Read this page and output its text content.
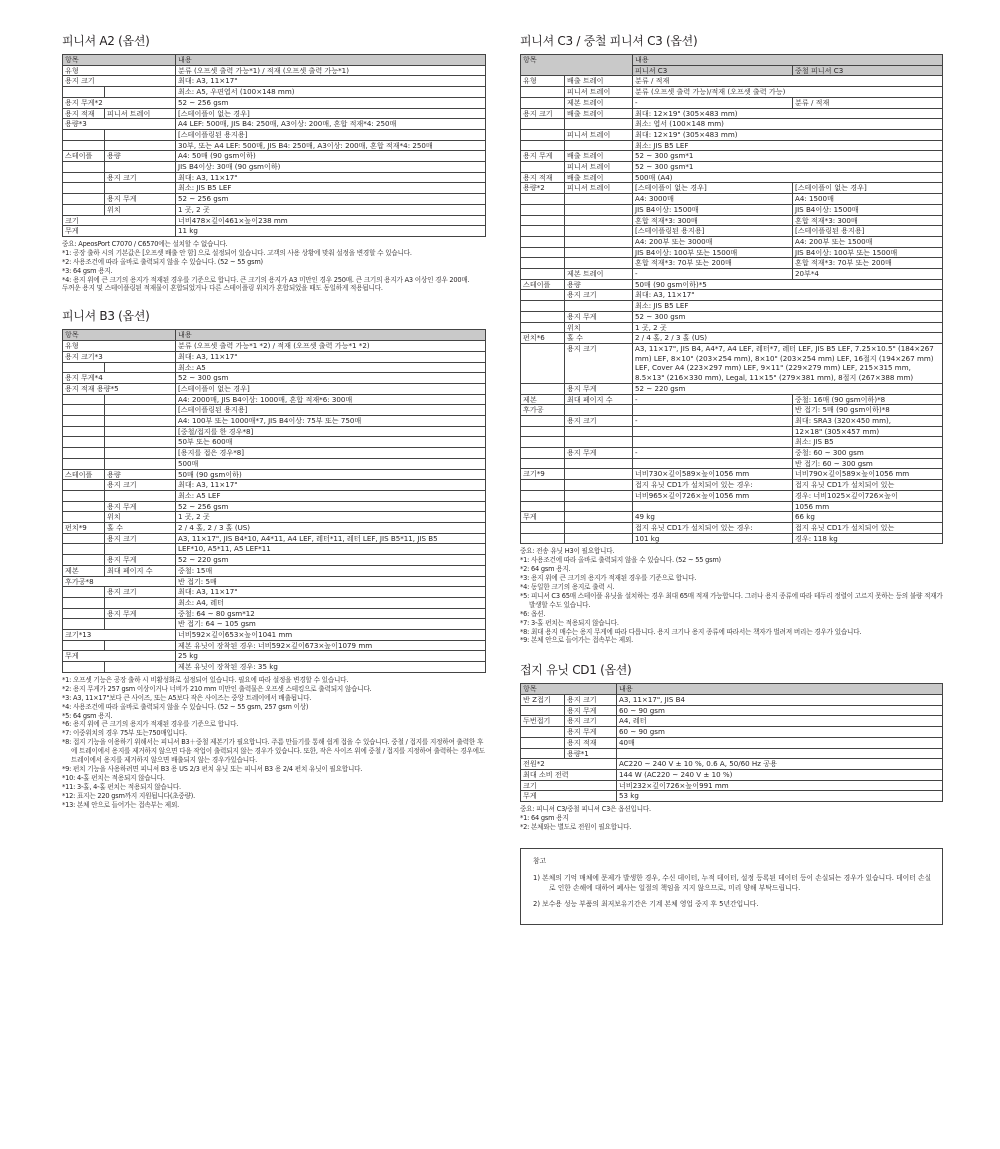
피니셔 A2 (옵션)
항목		내용
유형		분류 (오프셋 출력 가능*1) / 적재 (오프셋 출력 가능*1)
용지 크기		최대: A3, 11×17"
		최소: A5, 우편엽서 (100×148 mm)
용지 무게*2		52 ~ 256 gsm
용지 적재	피니셔 트레이	[스테이플이 없는 경우]
용량*3		A4 LEF: 500매, JIS B4: 250매, A3이상: 200매, 혼합 적재*4: 250매
		[스테이플링된 용지용]
		30부, 또는 A4 LEF: 500매, JIS B4: 250매, A3이상: 200매, 혼합 적재*4: 250매
스테이플	용량	A4: 50매 (90 gsm이하)
		JIS B4이상: 30매 (90 gsm이하)
	용지 크기	최대: A3, 11×17"
		최소: JIS B5 LEF
	용지 무게	52 ~ 256 gsm
	위치	1 곳, 2 곳
크기		너비478×깊이461×높이238 mm
무게		11 kg
중요: ApeosPort C7070 / C6570에는 설치할 수 없습니다.
*1: 공장 출하 시의 기본값은 [오프셋 배출 안 함] 으로 설정되어 있습니다. 고객의 사용 상황에 맞춰 설정을 변경할 수 있습니다.
*2: 사용조건에 따라 올바로 출력되지 않을 수 있습니다. (52 ~ 55 gsm)
*3: 64 gsm 용지.
*4: 용지 위에 큰 크기의 용지가 적재된 경우를 기준으로 합니다. 큰 크기의 용지가 A3 미만인 경우 250매. 큰 크기의 용지가 A3 이상인 경우 200매.
두꺼운 용지 및 스테이플링된 적재물이 혼합되었거나 다른 스테이플링 위치가 혼합되었을 때도 동일하게 적용됩니다.
피니셔 B3 (옵션)
항목		내용
유형		분류 (오프셋 출력 가능*1 *2) / 적재 (오프셋 출력 가능*1 *2)
용지 크기*3		최대: A3, 11×17"
		최소: A5
용지 무게*4		52 ~ 300 gsm
용지 적재 용량*5		[스테이플이 없는 경우]
		A4: 2000매, JIS B4이상: 1000매, 혼합 적재*6: 300매
		[스테이플링된 용지용]
		A4: 100부 또는 1000매*7, JIS B4이상: 75부 또는 750매
		[중철/접지를 한 경우*8]
		50부 또는 600매
		[용지를 접은 경우*8]
		500매
스테이플	용량	50매 (90 gsm이하)
	용지 크기	최대: A3, 11×17"
		최소: A5 LEF
	용지 무게	52 ~ 256 gsm
	위치	1 곳, 2 곳
펀치*9	홀 수	2 / 4 홀, 2 / 3 홀 (US)
	용지 크기	A3, 11×17", JIS B4*10, A4*11, A4 LEF, 레터*11, 레터 LEF, JIS B5*11, JIS B5
		LEF*10, A5*11, A5 LEF*11
	용지 무게	52 ~ 220 gsm
제본	최대 페이지 수	중철: 15매
후가공*8		반 접기: 5매
	용지 크기	최대: A3, 11×17"
		최소: A4, 레터
	용지 무게	중철: 64 ~ 80 gsm*12
		반 접기: 64 ~ 105 gsm
크기*13		너비592×깊이653×높이1041 mm
		제본 유닛이 장착된 경우: 너비592×깊이673×높이1079 mm
무게		25 kg
		제본 유닛이 장착된 경우: 35 kg
*1: 오프셋 기능은 공장 출하 시 비활성화로 설정되어 있습니다. 필요에 따라 설정을 변경할 수 있습니다.
*2: 용지 무게가 257 gsm 이상이거나 너비가 210 mm 미만인 출력물은 오프셋 스테킹으로 출력되지 않습니다.
*3: A3, 11×17"보다 큰 사이즈, 또는 A5보다 작은 사이즈는 중앙 트레이에서 배출됩니다.
*4: 사용조건에 따라 올바로 출력되지 않을 수 있습니다. (52 ~ 55 gsm, 257 gsm 이상)
*5: 64 gsm 용지.
*6: 용지 위에 큰 크기의 용지가 적재된 경우를 기준으로 합니다.
*7: 이중위치의 경우 75부 또는750매입니다.
*8: 접지 기능을 이용하기 위해서는 피니셔 B3＋중철 제본기가 필요합니다. 주름 만들기를 통해 쉽게 접을 수 있습니다. 중철 / 접지를 지정하여 출력한 후에 트레이에서 용지를 제거하지 않으면 다음 작업이 출력되지 않는 경우가 있습니다. 또한, 작은 사이즈 위에 중철 / 접지를 지정하여 출력하는 경우에도 트레이에서 용지를 제거하지 않으면 배출되지 않는 경우가있습니다.
*9: 펀치 기능을 사용하려면 피니셔 B3 용 US 2/3 펀치 유닛 또는 피니셔 B3 용 2/4 펀치 유닛이 필요합니다.
*10: 4-홀 펀치는 적용되지 않습니다.
*11: 3-홀, 4-홀 펀치는 적용되지 않습니다.
*12: 표지는 220 gsm까지 지원됩니다(초중량).
*13: 본체 안으로 들어가는 접속부는 제외.
피니셔 C3 / 중철 피니셔 C3 (옵션)
항목		내용	
		피니셔 C3	중철 피니셔 C3
유형	배출 트레이	분류 / 적재	
	피니셔 트레이	분류 (오프셋 출력 가능)/적재 (오프셋 출력 가능)	
	제본 트레이	-	분류 / 적재
용지 크기	배출 트레이	최대: 12×19" (305×483 mm)	
		최소: 엽서 (100×148 mm)	
	피니셔 트레이	최대: 12×19" (305×483 mm)	
		최소: JIS B5 LEF	
용지 무게	배출 트레이	52 ~ 300 gsm*1	
	피니셔 트레이	52 ~ 300 gsm*1	
용지 적재	배출 트레이	500매 (A4)	
용량*2	피니셔 트레이	[스테이플이 없는 경우]	[스테이플이 없는 경우]
		A4: 3000매	A4: 1500매
		JIS B4이상: 1500매	JIS B4이상: 1500매
		혼합 적재*3: 300매	혼합 적재*3: 300매
		[스테이플링된 용지용]	[스테이플링된 용지용]
		A4: 200부 또는 3000매	A4: 200부 또는 1500매
		JIS B4이상: 100부 또는 1500매	JIS B4이상: 100부 또는 1500매
		혼합 적재*3: 70부 또는 200매	혼합 적재*3: 70부 또는 200매
	제본 트레이	-	20부*4
스테이플	용량	50매 (90 gsm이하)*5	
	용지 크기	최대: A3, 11×17"	
		최소: JIS B5 LEF	
	용지 무게	52 ~ 300 gsm	
	위치	1 곳, 2 곳	
펀치*6	홀 수	2 / 4 홀, 2 / 3 홀 (US)	
	용지 크기	A3, 11×17", JIS B4, A4*7, A4 LEF, 레터*7, 레터 LEF, JIS B5 LEF, 7.25×10.5" (184×267 mm) LEF, 8×10" (203×254 mm), 8×10" (203×254 mm) LEF, 16절지 (194×267 mm) LEF, Cover A4 (223×297 mm) LEF, 9×11" (229×279 mm) LEF, 215×315 mm, 8.5×13" (216×330 mm), Legal, 11×15" (279×381 mm), 8절지 (267×388 mm)	
	용지 무게	52 ~ 220 gsm	
제본	최대 페이지 수	-	중철: 16매 (90 gsm이하)*8
후가공			반 접기: 5매 (90 gsm이하)*8
	용지 크기	-	최대: SRA3 (320×450 mm),
			12×18" (305×457 mm)
			최소: JIS B5
	용지 무게	-	중철: 60 ~ 300 gsm
			반 접기: 60 ~ 300 gsm
크기*9		너비730×깊이589×높이1056 mm	너비790×깊이589×높이1056 mm
		접지 유닛 CD1가 설치되어 있는 경우:	접지 유닛 CD1가 설치되어 있는
		너비965×깊이726×높이1056 mm	경우: 너비1025×깊이726×높이
			1056 mm
무게		49 kg	66 kg
		접지 유닛 CD1가 설치되어 있는 경우:	접지 유닛 CD1가 설치되어 있는
		101 kg	경우: 118 kg
중요: 전송 유닛 H3이 필요합니다.
*1: 사용조건에 따라 올바로 출력되지 않을 수 있습니다. (52 ~ 55 gsm)
*2: 64 gsm 용지.
*3: 용지 위에 큰 크기의 용지가 적재된 경우를 기준으로 합니다.
*4: 동일한 크기의 용지로 출력 시.
*5: 피니셔 C3 65매 스테이플 유닛을 설치하는 경우 최대 65매 적재 가능합니다. 그러나 용지 종류에 따라 테두리 정렬이 고르지 못하는 등의 불량 적재가 발생할 수도 있습니다.
*6: 옵션.
*7: 3-홀 펀치는 적용되지 않습니다.
*8: 최대 용지 매수는 용지 무게에 따라 다릅니다. 용지 크기나 용지 종류에 따라서는 책자가 벌려져 버리는 경우가 있습니다.
*9: 본체 안으로 들어가는 접속부는 제외.
접지 유닛 CD1 (옵션)
항목		내용
반 Z접기	용지 크기	A3, 11×17", JIS B4
	용지 무게	60 ~ 90 gsm
두번접기	용지 크기	A4, 레터
	용지 무게	60 ~ 90 gsm
	용지 적재	40매
	용량*1	
전원*2		AC220 ~ 240 V ± 10 %, 0.6 A, 50/60 Hz 공용
최대 소비 전력		144 W (AC220 ~ 240 V ± 10 %)
크기		너비232×깊이726×높이991 mm
무게		53 kg
중요: 피니셔 C3/중철 피니셔 C3은 옵션입니다.
*1: 64 gsm 용지
*2: 본체와는 별도로 전원이 필요합니다.
참고
1) 본체의 기억 매체에 문제가 발생한 경우, 수신 데이터, 누적 데이터, 설정 등록된 데이터 등이 손실되는 경우가 있습니다. 데이터 손실로 인한 손해에 대하여 폐사는 일절의 책임을 지지 않으므로, 미리 양해 부탁드립니다.
2) 보수용 성능 부품의 최저보유기간은 기계 본체 영업 중지 후 5년간입니다.
